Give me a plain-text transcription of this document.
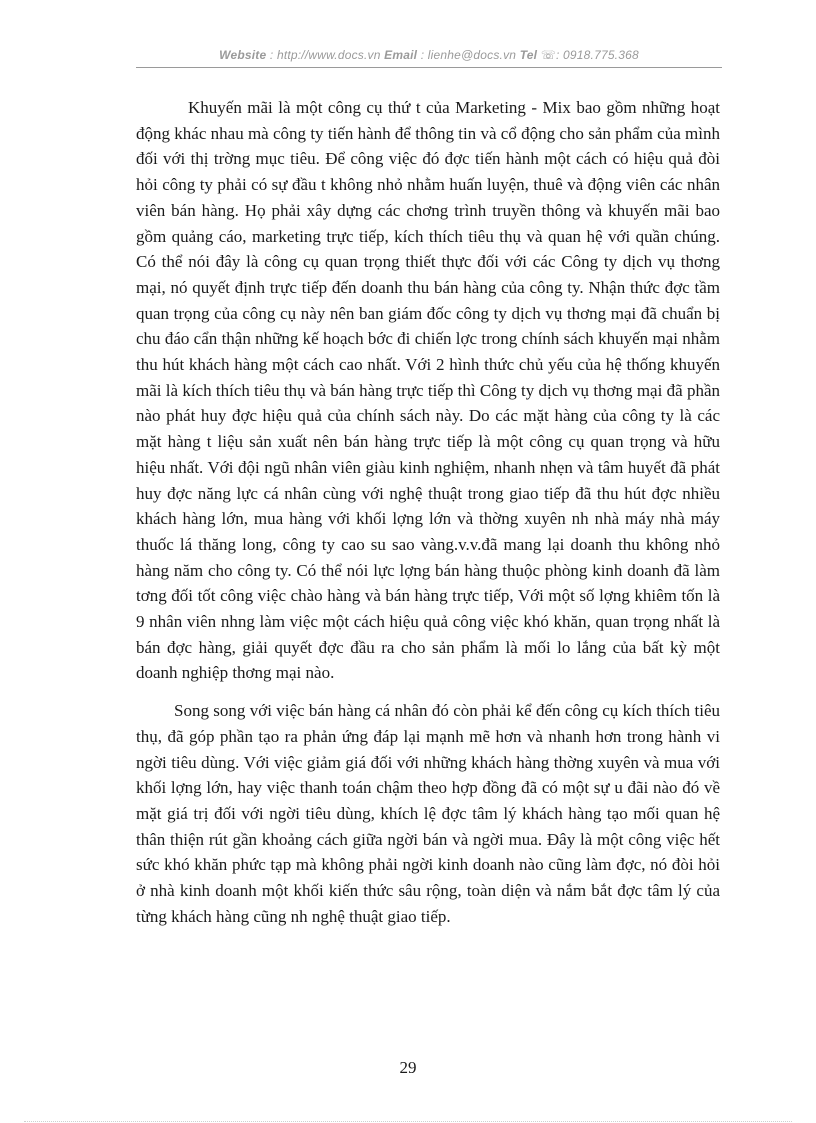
Website : http://www.docs.vn Email : lienhe@docs.vn Tel ☏: 0918.775.368

Khuyến mãi là một công cụ thứ t của Marketing - Mix bao gồm những hoạt động khác nhau mà công ty tiến hành để thông tin và cổ động cho sản phẩm của mình đối với thị trờng mục tiêu. Để công việc đó đợc tiến hành một cách có hiệu quả đòi hỏi công ty phải có sự đầu t không nhỏ nhằm huấn luyện, thuê và động viên các nhân viên bán hàng. Họ phải xây dựng các chơng trình truyền thông và khuyến mãi bao gồm quảng cáo, marketing trực tiếp, kích thích tiêu thụ và quan hệ với quần chúng. Có thể nói đây là công cụ quan trọng thiết thực đối với các Công ty dịch vụ thơng mại, nó quyết định trực tiếp đến doanh thu bán hàng của công ty. Nhận thức đợc tầm quan trọng của công cụ này nên ban giám đốc công ty dịch vụ thơng mại đã chuẩn bị chu đáo cẩn thận những kế hoạch bớc đi chiến lợc trong chính sách khuyến mại nhằm thu hút khách hàng một cách cao nhất. Với 2 hình thức chủ yếu của hệ thống khuyến mãi là kích thích tiêu thụ và bán hàng trực tiếp thì Công ty dịch vụ thơng mại đã phần nào phát huy đợc hiệu quả của chính sách này. Do các mặt hàng của công ty là các mặt hàng t liệu sản xuất nên bán hàng trực tiếp là một công cụ quan trọng và hữu hiệu nhất. Với đội ngũ nhân viên giàu kinh nghiệm, nhanh nhẹn và tâm huyết đã phát huy đợc năng lực cá nhân cùng với nghệ thuật trong giao tiếp đã thu hút đợc nhiều khách hàng lớn, mua hàng với khối lợng lớn và thờng xuyên nh nhà máy nhà máy thuốc lá thăng long, công ty cao su sao vàng.v.v.đã mang lại doanh thu không nhỏ hàng năm cho công ty. Có thể nói lực lợng bán hàng thuộc phòng kinh doanh đã làm tơng đối tốt công việc chào hàng và bán hàng trực tiếp, Với một số lợng khiêm tốn là 9 nhân viên nhng làm việc một cách hiệu quả công việc khó khăn, quan trọng nhất là bán đợc hàng, giải quyết đợc đầu ra cho sản phẩm là mối lo lắng của bất kỳ một doanh nghiệp thơng mại nào.

Song song với việc bán hàng cá nhân đó còn phải kể đến công cụ kích thích tiêu thụ, đã góp phần tạo ra phản ứng đáp lại mạnh mẽ hơn và nhanh hơn trong hành vi ngời tiêu dùng. Với việc giảm giá đối với những khách hàng thờng xuyên và mua với khối lợng lớn, hay việc thanh toán chậm theo hợp đồng đã có một sự u đãi nào đó về mặt giá trị đối với ngời tiêu dùng, khích lệ đợc tâm lý khách hàng tạo mối quan hệ thân thiện rút gần khoảng cách giữa ngời bán và ngời mua. Đây là một công việc hết sức khó khăn phức tạp mà không phải ngời kinh doanh nào cũng làm đợc, nó đòi hỏi ở nhà kinh doanh một khối kiến thức sâu rộng, toàn diện và nắm bắt đợc tâm lý của từng khách hàng cũng nh nghệ thuật giao tiếp.

29
